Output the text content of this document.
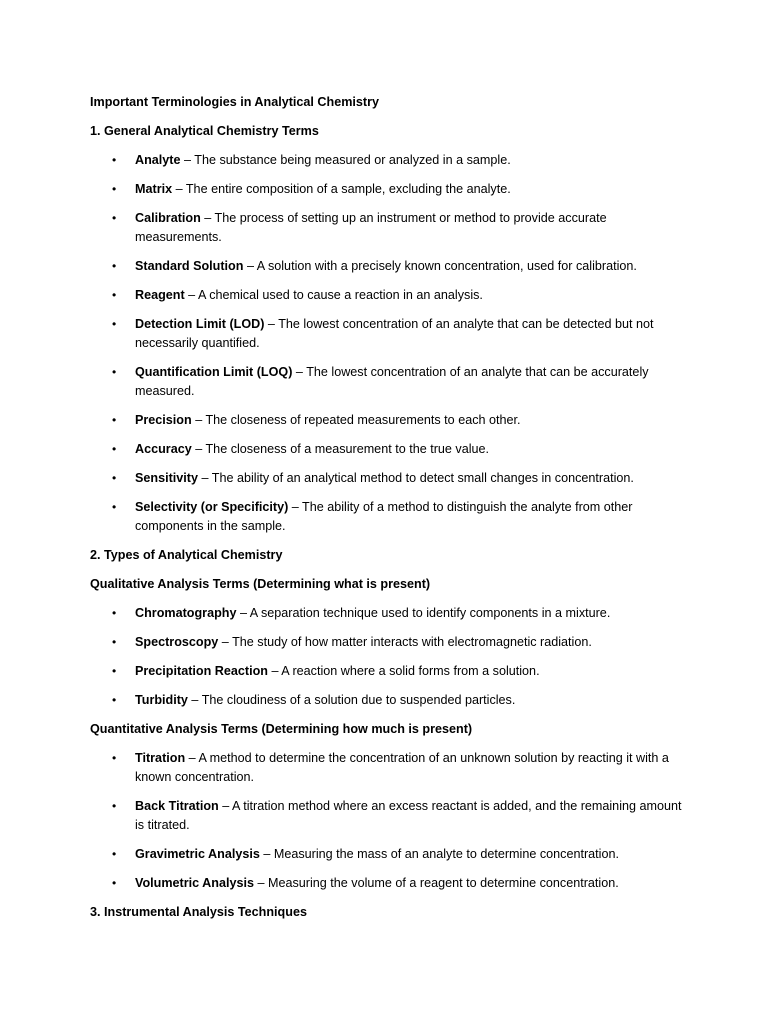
Important Terminologies in Analytical Chemistry
1. General Analytical Chemistry Terms
• Analyte – The substance being measured or analyzed in a sample.
• Matrix – The entire composition of a sample, excluding the analyte.
• Calibration – The process of setting up an instrument or method to provide accurate measurements.
• Standard Solution – A solution with a precisely known concentration, used for calibration.
• Reagent – A chemical used to cause a reaction in an analysis.
• Detection Limit (LOD) – The lowest concentration of an analyte that can be detected but not necessarily quantified.
• Quantification Limit (LOQ) – The lowest concentration of an analyte that can be accurately measured.
• Precision – The closeness of repeated measurements to each other.
• Accuracy – The closeness of a measurement to the true value.
• Sensitivity – The ability of an analytical method to detect small changes in concentration.
• Selectivity (or Specificity) – The ability of a method to distinguish the analyte from other components in the sample.
2. Types of Analytical Chemistry
Qualitative Analysis Terms (Determining what is present)
• Chromatography – A separation technique used to identify components in a mixture.
• Spectroscopy – The study of how matter interacts with electromagnetic radiation.
• Precipitation Reaction – A reaction where a solid forms from a solution.
• Turbidity – The cloudiness of a solution due to suspended particles.
Quantitative Analysis Terms (Determining how much is present)
• Titration – A method to determine the concentration of an unknown solution by reacting it with a known concentration.
• Back Titration – A titration method where an excess reactant is added, and the remaining amount is titrated.
• Gravimetric Analysis – Measuring the mass of an analyte to determine concentration.
• Volumetric Analysis – Measuring the volume of a reagent to determine concentration.
3. Instrumental Analysis Techniques
